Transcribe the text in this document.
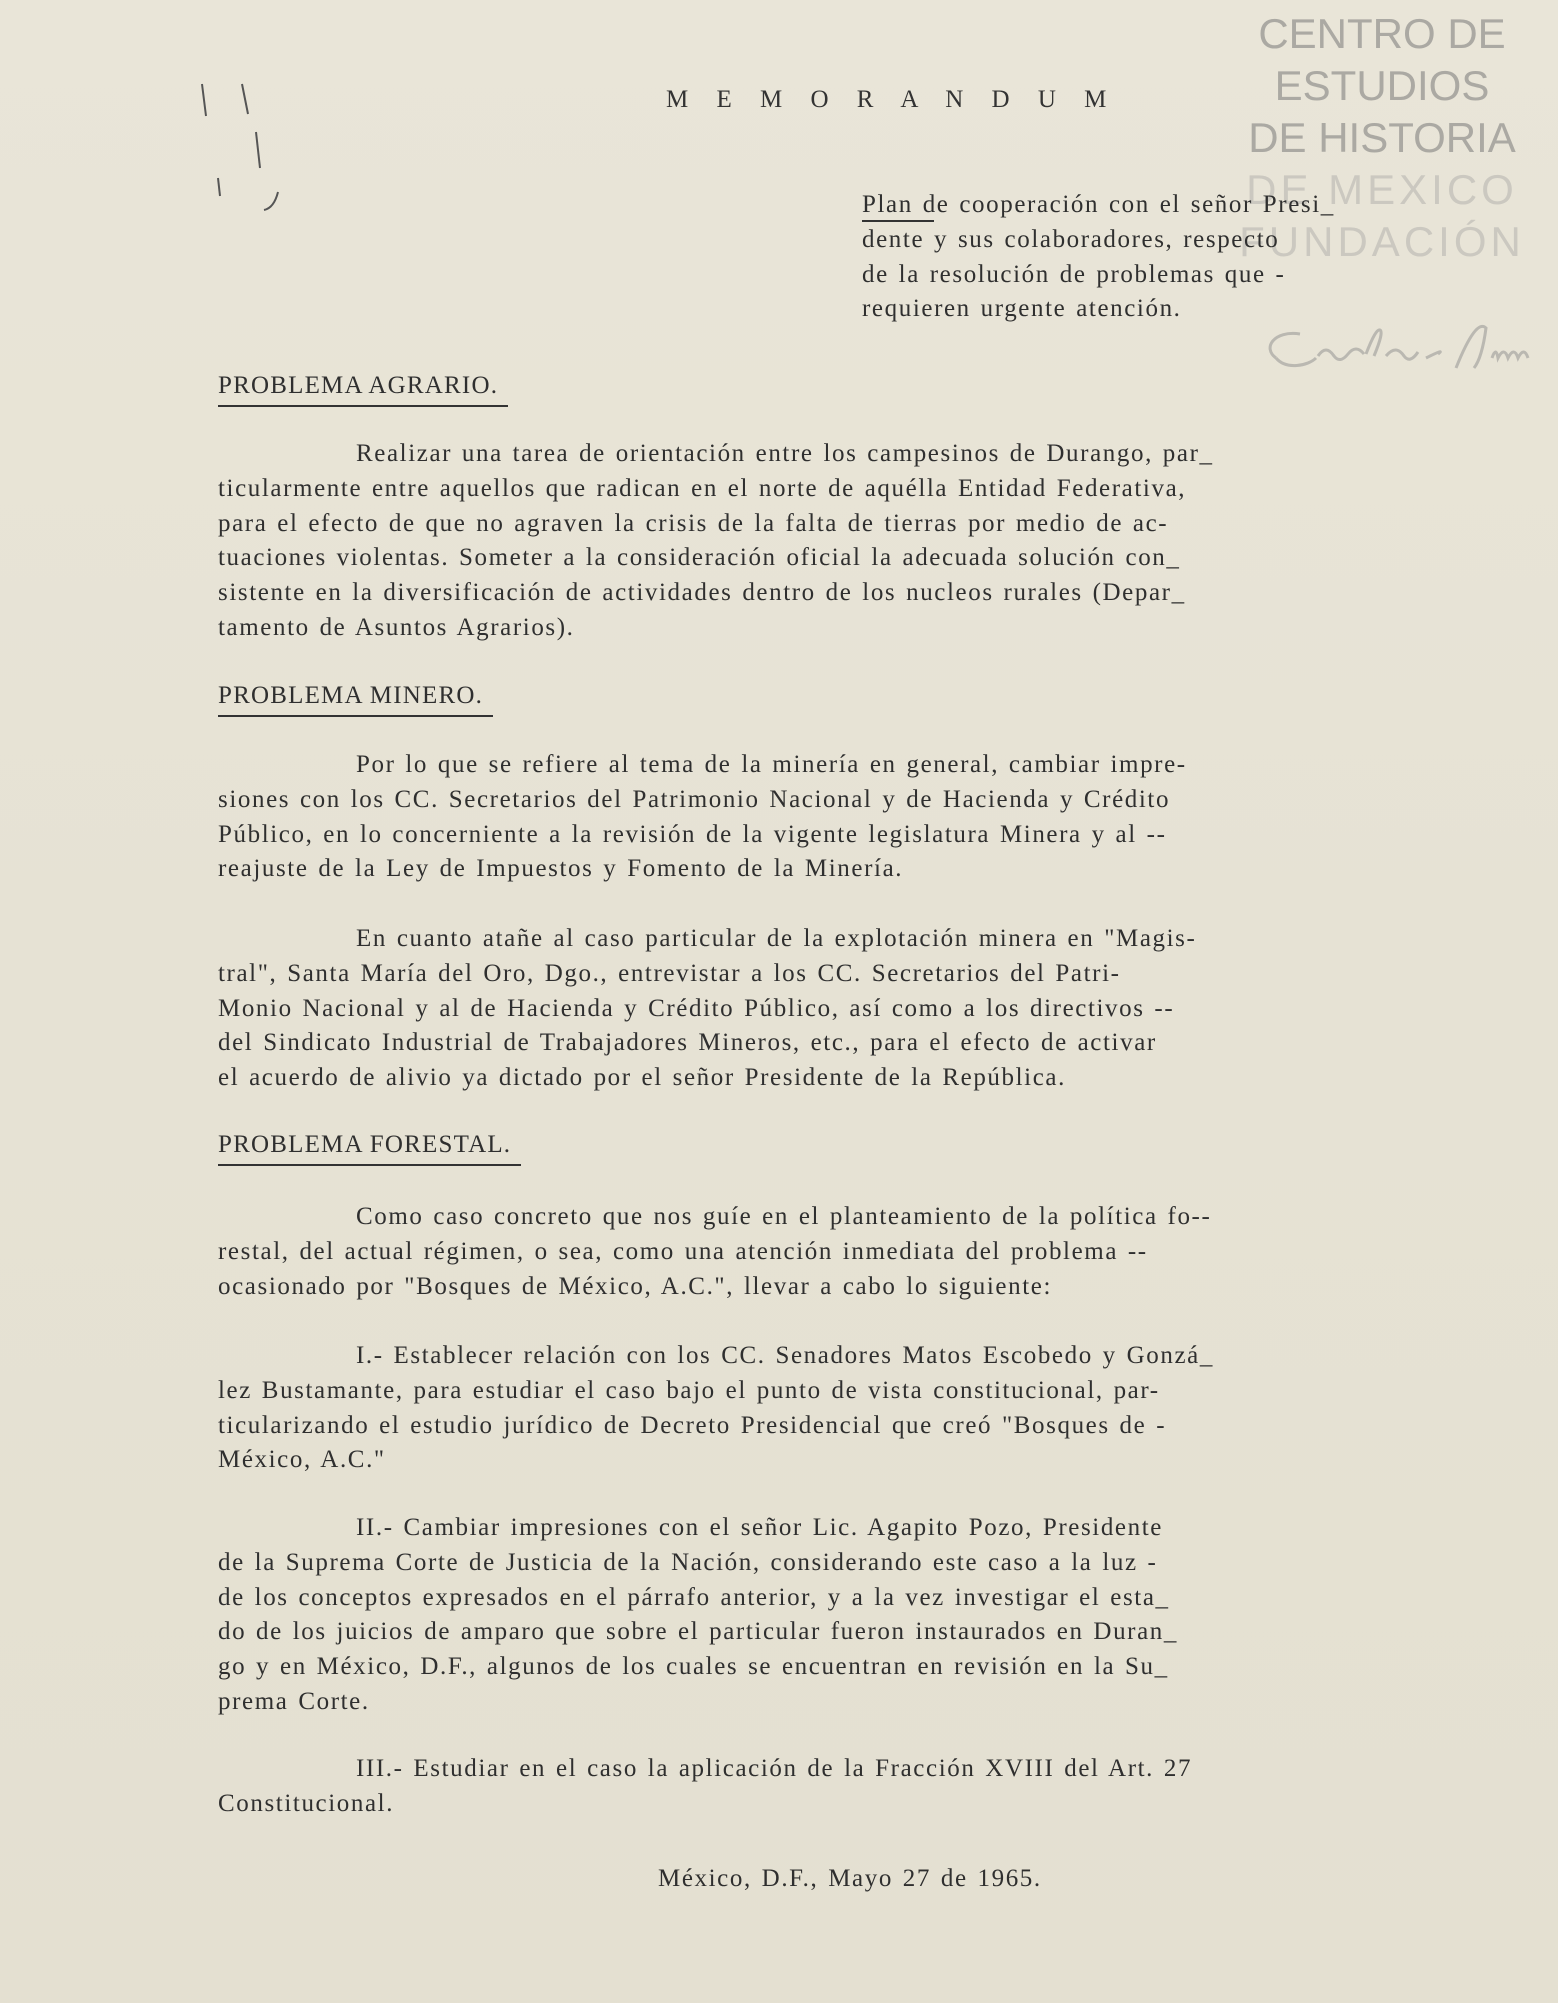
CENTRO DE
ESTUDIOS
DE HISTORIA
DE MEXICO
FUNDACIÓN
M E M O R A N D U M
Plan de cooperación con el señor Presi_
dente y sus colaboradores, respecto
de la resolución de problemas que -
requieren urgente atención.
PROBLEMA AGRARIO.
Realizar una tarea de orientación entre los campesinos de Durango, par_
ticularmente entre aquellos que radican en el norte de aquélla Entidad Federativa,
para el efecto de que no agraven la crisis de la falta de tierras por medio de ac-
tuaciones violentas. Someter a la consideración oficial la adecuada solución con_
sistente en la diversificación de actividades dentro de los nucleos rurales (Depar_
tamento de Asuntos Agrarios).
PROBLEMA MINERO.
Por lo que se refiere al tema de la minería en general, cambiar impre-
siones con los CC. Secretarios del Patrimonio Nacional y de Hacienda y Crédito
Público, en lo concerniente a la revisión de la vigente legislatura Minera y al --
reajuste de la Ley de Impuestos y Fomento de la Minería.
En cuanto atañe al caso particular de la explotación minera en "Magis-
tral", Santa María del Oro, Dgo., entrevistar a los CC. Secretarios del Patri-
Monio Nacional y al de Hacienda y Crédito Público, así como a los directivos --
del Sindicato Industrial de Trabajadores Mineros, etc., para el efecto de activar
el acuerdo de alivio ya dictado por el señor Presidente de la República.
PROBLEMA FORESTAL.
Como caso concreto que nos guíe en el planteamiento de la política fo--
restal, del actual régimen, o sea, como una atención inmediata del problema --
ocasionado por "Bosques de México, A.C.", llevar a cabo lo siguiente:
I.- Establecer relación con los CC. Senadores Matos Escobedo y Gonzá_
lez Bustamante, para estudiar el caso bajo el punto de vista constitucional, par-
ticularizando el estudio jurídico de Decreto Presidencial que creó "Bosques de -
México, A.C."
II.- Cambiar impresiones con el señor Lic. Agapito Pozo, Presidente
de la Suprema Corte de Justicia de la Nación, considerando este caso a la luz -
de los conceptos expresados en el párrafo anterior, y a la vez investigar el esta_
do de los juicios de amparo que sobre el particular fueron instaurados en Duran_
go y en México, D.F., algunos de los cuales se encuentran en revisión en la Su_
prema Corte.
III.- Estudiar en el caso la aplicación de la Fracción XVIII del Art. 27
Constitucional.
México, D.F., Mayo 27 de 1965.
